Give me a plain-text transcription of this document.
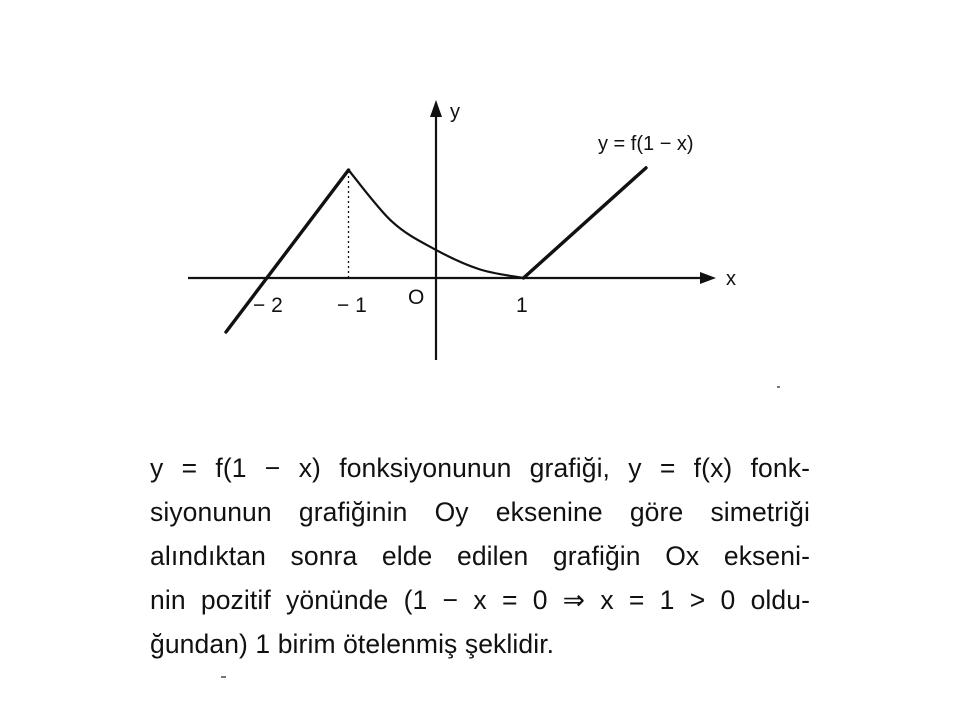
x
y
− 2	− 1 O	1
y = f(1 − x)
y = f(1 − x) fonksiyonunun grafiği, y = f(x) fonk-
siyonunun grafiğinin Oy eksenine göre simetriği
alındıktan sonra elde edilen grafiğin Ox ekseni-
nin pozitif yönünde (1 − x = 0 ⇒ x = 1 > 0 oldu-
ğundan) 1 birim ötelenmiş şeklidir.
